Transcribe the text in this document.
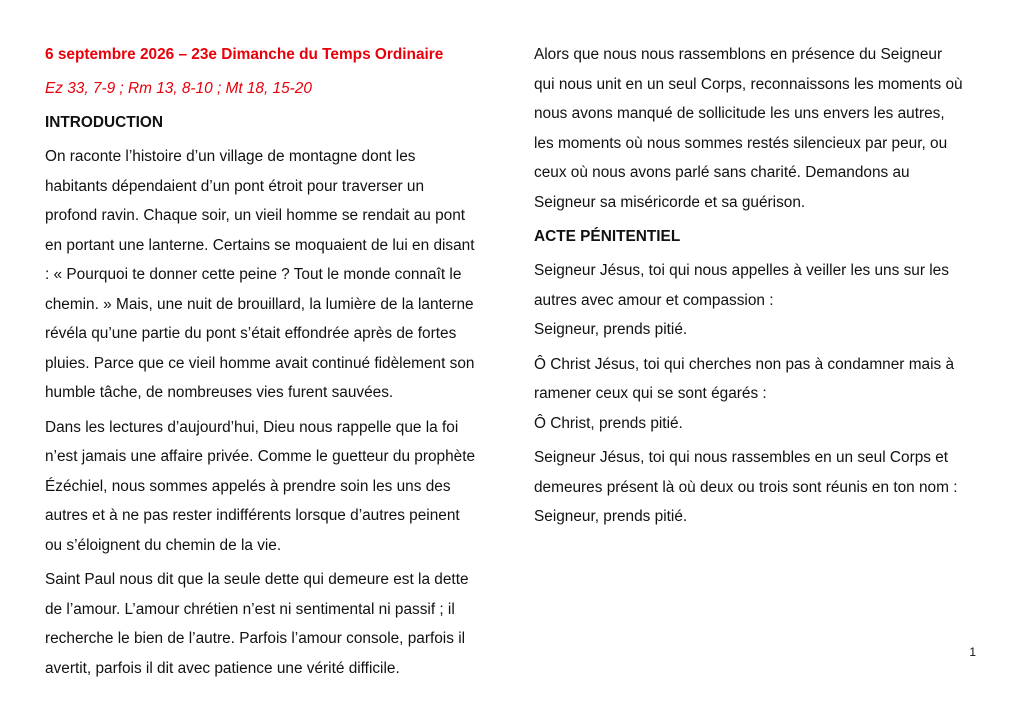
6 septembre 2026 – 23e Dimanche du Temps Ordinaire

Ez 33, 7-9 ; Rm 13, 8-10 ; Mt 18, 15-20

INTRODUCTION

On raconte l’histoire d’un village de montagne dont les habitants dépendaient d’un pont étroit pour traverser un profond ravin. Chaque soir, un vieil homme se rendait au pont en portant une lanterne. Certains se moquaient de lui en disant : « Pourquoi te donner cette peine ? Tout le monde connaît le chemin. » Mais, une nuit de brouillard, la lumière de la lanterne révéla qu’une partie du pont s’était effondrée après de fortes pluies. Parce que ce vieil homme avait continué fidèlement son humble tâche, de nombreuses vies furent sauvées.

Dans les lectures d’aujourd’hui, Dieu nous rappelle que la foi n’est jamais une affaire privée. Comme le guetteur du prophète Ézéchiel, nous sommes appelés à prendre soin les uns des autres et à ne pas rester indifférents lorsque d’autres peinent ou s’éloignent du chemin de la vie.

Saint Paul nous dit que la seule dette qui demeure est la dette de l’amour. L’amour chrétien n’est ni sentimental ni passif ; il recherche le bien de l’autre. Parfois l’amour console, parfois il avertit, parfois il dit avec patience une vérité difficile.

Alors que nous nous rassemblons en présence du Seigneur qui nous unit en un seul Corps, reconnaissons les moments où nous avons manqué de sollicitude les uns envers les autres, les moments où nous sommes restés silencieux par peur, ou ceux où nous avons parlé sans charité. Demandons au Seigneur sa miséricorde et sa guérison.

ACTE PÉNITENTIEL

Seigneur Jésus, toi qui nous appelles à veiller les uns sur les autres avec amour et compassion :
Seigneur, prends pitié.

Ô Christ Jésus, toi qui cherches non pas à condamner mais à ramener ceux qui se sont égarés :
Ô Christ, prends pitié.

Seigneur Jésus, toi qui nous rassembles en un seul Corps et demeures présent là où deux ou trois sont réunis en ton nom : Seigneur, prends pitié.

1
